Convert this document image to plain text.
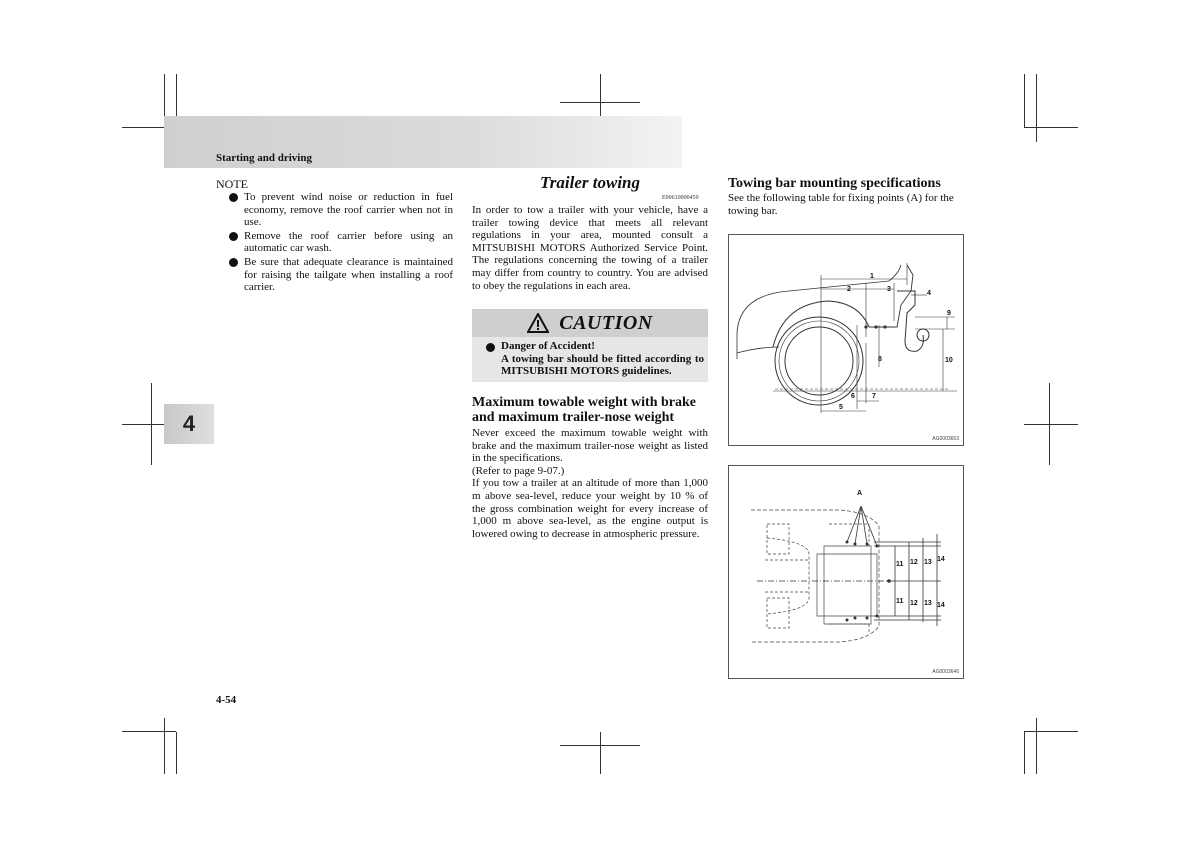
Starting and driving
4
NOTE
To prevent wind noise or reduction in fuel economy, remove the roof carrier when not in use.
Remove the roof carrier before using an automatic car wash.
Be sure that adequate clearance is maintained for raising the tailgate when installing a roof carrier.
Trailer towing
E00610000459
In order to tow a trailer with your vehicle, have a trailer towing device that meets all relevant regulations in your area, mounted consult a MITSUBISHI MOTORS Authorized Service Point. The regulations concerning the towing of a trailer may differ from country to country. You are advised to obey the regulations in each area.
CAUTION
Danger of Accident!
A towing bar should be fitted according to MITSUBISHI MOTORS guidelines.
Maximum towable weight with brake and maximum trailer-nose weight
Never exceed the maximum towable weight with brake and the maximum trailer-nose weight as listed in the specifications.
(Refer to page 9-07.)
If you tow a trailer at an altitude of more than 1,000 m above sea-level, reduce your weight by 10 % of the gross combination weight for every increase of 1,000 m above sea-level, as the engine output is lowered owing to decrease in atmospheric pressure.
Towing bar mounting specifications
See the following table for fixing points (A) for the towing bar.
1
2	3
4
5
6 7
8
9
10
AG0003653
A
11 12 13 14
11 12 13 14
AG0003646
4-54
